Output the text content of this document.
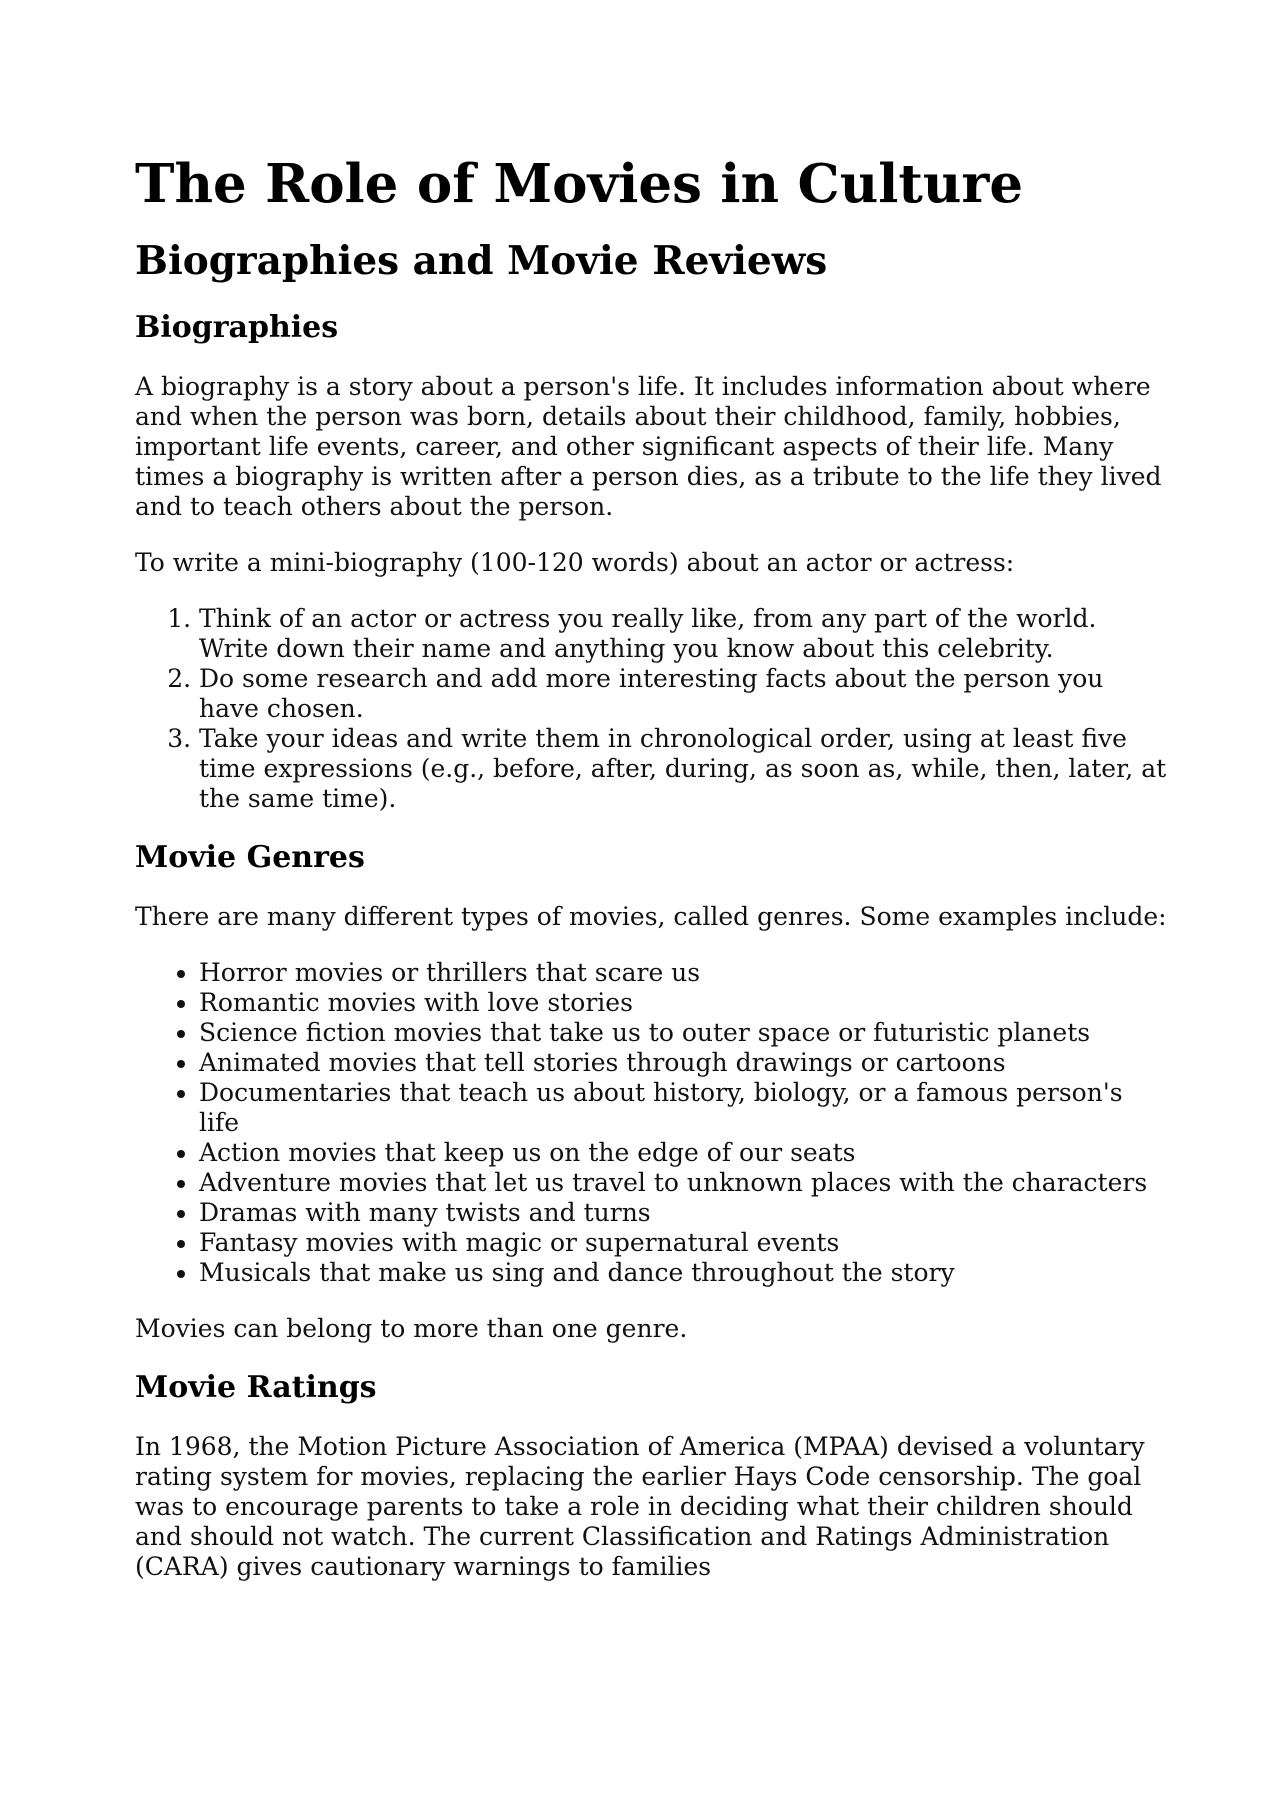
The Role of Movies in Culture
Biographies and Movie Reviews
Biographies

A biography is a story about a person's life. It includes information about where and when the person was born, details about their childhood, family, hobbies, important life events, career, and other significant aspects of their life. Many times a biography is written after a person dies, as a tribute to the life they lived and to teach others about the person.

To write a mini-biography (100-120 words) about an actor or actress:

1. Think of an actor or actress you really like, from any part of the world. Write down their name and anything you know about this celebrity.
2. Do some research and add more interesting facts about the person you have chosen.
3. Take your ideas and write them in chronological order, using at least five time expressions (e.g., before, after, during, as soon as, while, then, later, at the same time).
Movie Genres

There are many different types of movies, called genres. Some examples include:

• Horror movies or thrillers that scare us
• Romantic movies with love stories
• Science fiction movies that take us to outer space or futuristic planets
• Animated movies that tell stories through drawings or cartoons
• Documentaries that teach us about history, biology, or a famous person's life
• Action movies that keep us on the edge of our seats
• Adventure movies that let us travel to unknown places with the characters
• Dramas with many twists and turns
• Fantasy movies with magic or supernatural events
• Musicals that make us sing and dance throughout the story

Movies can belong to more than one genre.

Movie Ratings

In 1968, the Motion Picture Association of America (MPAA) devised a voluntary rating system for movies, replacing the earlier Hays Code censorship. The goal was to encourage parents to take a role in deciding what their children should and should not watch. The current Classification and Ratings Administration (CARA) gives cautionary warnings to families
